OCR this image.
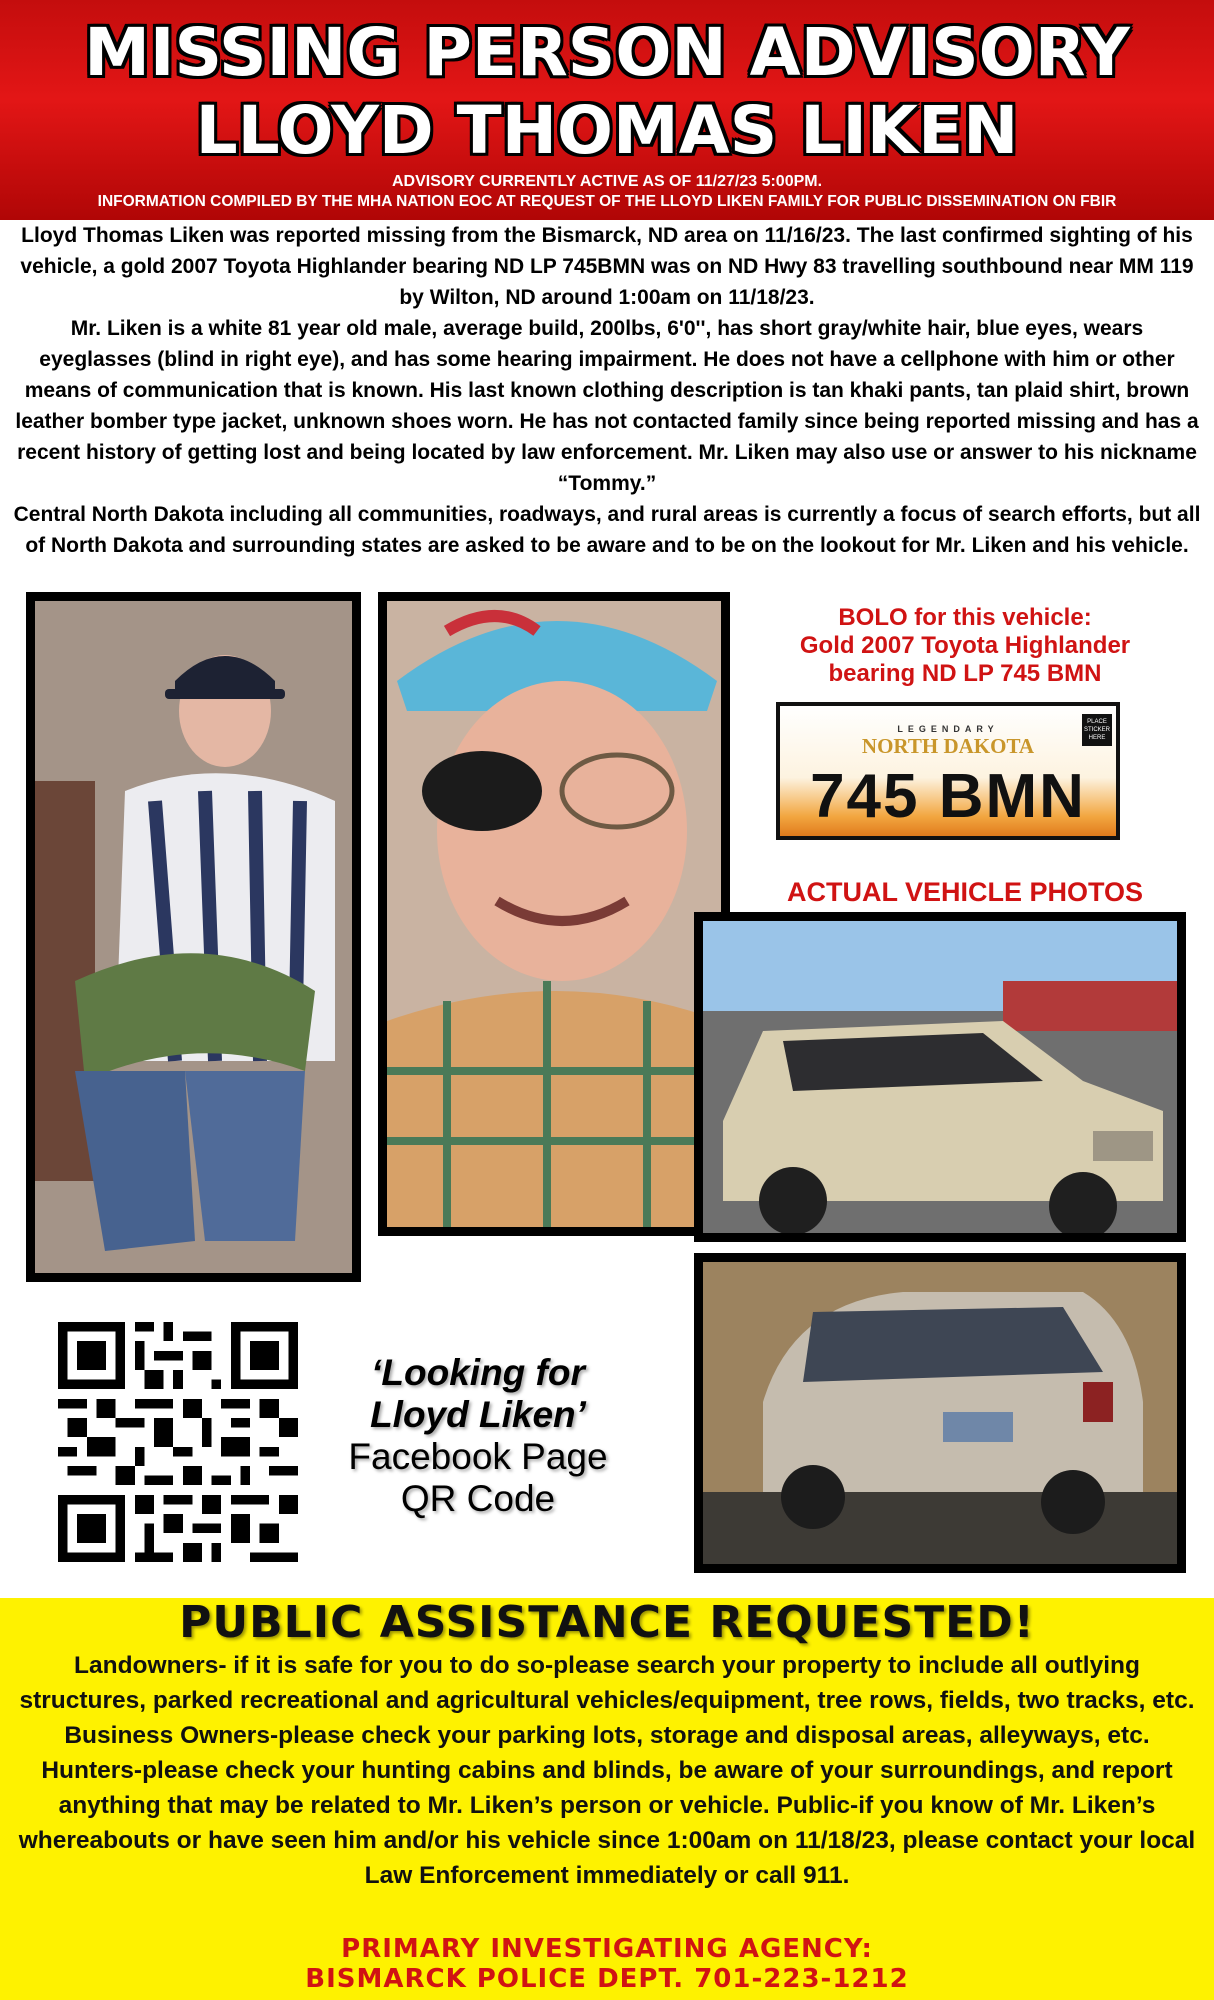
MISSING PERSON ADVISORY
LLOYD THOMAS LIKEN
ADVISORY CURRENTLY ACTIVE AS OF 11/27/23 5:00PM.
INFORMATION COMPILED BY THE MHA NATION EOC AT REQUEST OF THE LLOYD LIKEN FAMILY FOR PUBLIC DISSEMINATION ON FBIR

Lloyd Thomas Liken was reported missing from the Bismarck, ND area on 11/16/23. The last confirmed sighting of his vehicle, a gold 2007 Toyota Highlander bearing ND LP 745BMN was on ND Hwy 83 travelling southbound near MM 119 by Wilton, ND around 1:00am on 11/18/23.

Mr. Liken is a white 81 year old male, average build, 200lbs, 6'0'', has short gray/white hair, blue eyes, wears eyeglasses (blind in right eye), and has some hearing impairment. He does not have a cellphone with him or other means of communication that is known. His last known clothing description is tan khaki pants, tan plaid shirt, brown leather bomber type jacket, unknown shoes worn. He has not contacted family since being reported missing and has a recent history of getting lost and being located by law enforcement. Mr. Liken may also use or answer to his nickname “Tommy.”

Central North Dakota including all communities, roadways, and rural areas is currently a focus of search efforts, but all of North Dakota and surrounding states are asked to be aware and to be on the lookout for Mr. Liken and his vehicle.

BOLO for this vehicle:
Gold 2007 Toyota Highlander
bearing ND LP 745 BMN
LEGENDARY
NORTH DAKOTA
745 BMN
PLACE STICKER HERE
ACTUAL VEHICLE PHOTOS
‘Looking for
Lloyd Liken’
Facebook Page
QR Code
PUBLIC ASSISTANCE REQUESTED!
Landowners- if it is safe for you to do so-please search your property to include all outlying structures, parked recreational and agricultural vehicles/equipment, tree rows, fields, two tracks, etc. Business Owners-please check your parking lots, storage and disposal areas, alleyways, etc. Hunters-please check your hunting cabins and blinds, be aware of your surroundings, and report anything that may be related to Mr. Liken’s person or vehicle. Public-if you know of Mr. Liken’s whereabouts or have seen him and/or his vehicle since 1:00am on 11/18/23, please contact your local Law Enforcement immediately or call 911.
PRIMARY INVESTIGATING AGENCY:
BISMARCK POLICE DEPT. 701-223-1212
